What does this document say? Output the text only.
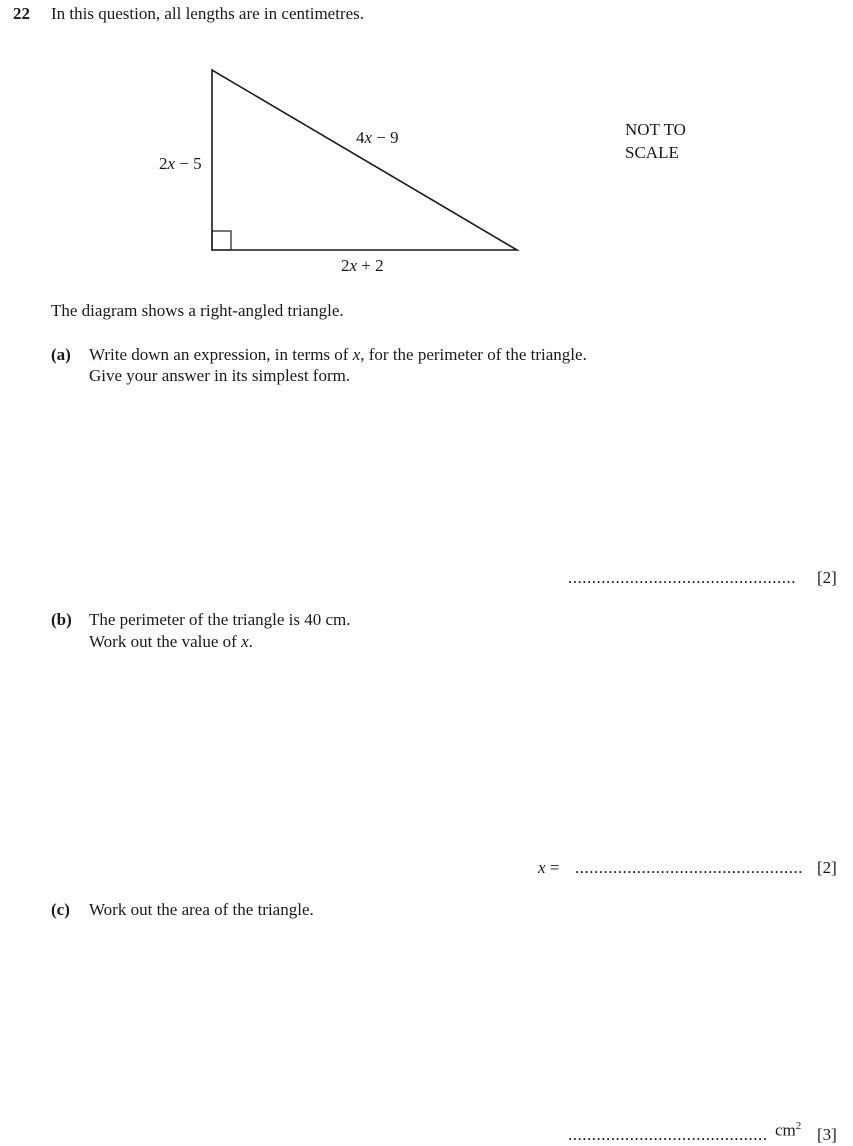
22 In this question, all lengths are in centimetres.
2x − 5
4x − 9
2x + 2
NOT TO
SCALE
The diagram shows a right-angled triangle.
(a) Write down an expression, in terms of x, for the perimeter of the triangle.
Give your answer in its simplest form.
................................................ [2]
(b) The perimeter of the triangle is 40 cm.
Work out the value of x.
x = ................................................ [2]
(c) Work out the area of the triangle.
.......................................... $cm^2$ [3]
